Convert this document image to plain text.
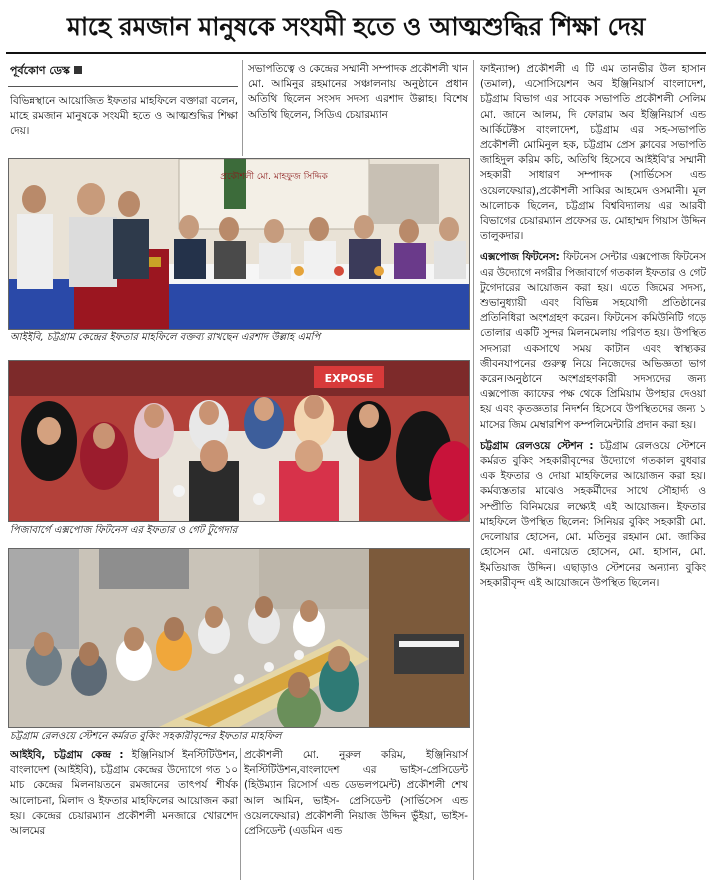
মাহে রমজান মানুষকে সংযমী হতে ও আত্মশুদ্ধির শিক্ষা দেয়
পূর্বকোণ ডেস্ক

বিভিন্নস্থানে আয়োজিত ইফতার মাহফিলে বক্তারা বলেন, মাহে রমজান মানুষকে সংযমী হতে ও আত্মশুদ্ধির শিক্ষা দেয়।

সভাপতিত্বে ও কেন্দ্রের সম্মানী সম্পাদক প্রকৌশলী খান মো. আমিনুর রহমানের সঞ্চালনায় অনুষ্ঠানে প্রধান অতিথি ছিলেন সংসদ সদস্য এরশাদ উল্লাহ। বিশেষ অতিথি ছিলেন, সিডিএ চেয়ারম্যান

প্রকৌশলী মো. মাহফুজ সিদ্দিক
আইইবি, চট্টগ্রাম কেন্দ্রের ইফতার মাহফিলে বক্তব্য রাখছেন এরশাদ উল্লাহ এমপি
EXPOSE
পিজাবার্গে এক্সপোজ ফিটনেস এর ইফতার ও গেট টুগেদার
চট্টগ্রাম রেলওয়ে স্টেশনে কর্মরত বুকিং সহকারীবৃন্দের ইফতার মাহফিল

আইইবি, চট্টগ্রাম কেন্দ্র : ইঞ্জিনিয়ার্স ইনস্টিটিউশন, বাংলাদেশ (আইইবি), চট্টগ্রাম কেন্দ্রের উদ্যোগে গত ১০ মাচ কেন্দ্রের মিলনায়তনে রমজানের তাৎপর্য শীর্ষক আলোচনা, মিলাদ ও ইফতার মাহফিলের আয়োজন করা হয়। কেন্দ্রের চেয়ারম্যান প্রকৌশলী মনজারে খোরশেদ আলমের

প্রকৌশলী মো. নুরুল করিম, ইঞ্জিনিয়ার্স ইনস্টিটিউশন,বাংলাদেশ এর ভাইস-প্রেসিডেন্ট (হিউম্যান রিসোর্স এন্ড ডেভলপমেন্ট) প্রকৌশলী শেখ আল আমিন, ভাইস- প্রেসিডেন্ট (সার্ভিসেস এন্ড ওয়েলফেয়ার) প্রকৌশলী নিয়াজ উদ্দিন ভুঁইয়া, ভাইস-প্রেসিডেন্ট (এডমিন এন্ড

ফাইন্যান্স) প্রকৌশলী এ টি এম তানভীর উল হাসান (তমাল), এসোসিয়েশন অব ইঞ্জিনিয়ার্স বাংলাদেশ, চট্টগ্রাম বিভাগ এর সাবেক সভাপতি প্রকৌশলী সেলিম মো. জানে আলম, দি ফোরাম অব ইঞ্জিনিয়ার্স এন্ড আর্কিটেক্টস বাংলাদেশ, চট্টগ্রাম এর সহ-সভাপতি প্রকৌশলী মোমিনুল হক, চট্টগ্রাম প্রেস ক্লাবের সভাপতি জাহিদুল করিম কচি, অতিথি হিসেবে আইইবি'র সম্মানী সহকারী সাধারণ সম্পাদক (সার্ভিসেস এন্ড ওয়েলফেয়ার),প্রকৌশলী সাব্বির আহমেদ ওসমানী। মূল আলোচক ছিলেন, চট্টগ্রাম বিশ্ববিদ্যালয় এর আরবী বিভাগের চেয়ারম্যান প্রফেসর ড. মোহাম্মদ গিয়াস উদ্দিন তালুকদার।

এক্সপোজ ফিটনেস: ফিটনেস সেন্টার এক্সপোজ ফিটনেস এর উদ্যোগে নগরীর পিজাবার্গে গতকাল ইফতার ও গেট টুগেদারের আয়োজন করা হয়। এতে জিমের সদস্য, শুভানুধ্যায়ী এবং বিভিন্ন সহযোগী প্রতিষ্ঠানের প্রতিনিধিরা অংশগ্রহণ করেন। ফিটনেস কমিউনিটি গড়ে তোলার একটি সুন্দর মিলনমেলায় পরিণত হয়। উপস্থিত সদস্যরা একসাথে সময় কাটান এবং স্বাস্থ্যকর জীবনযাপনের গুরুত্ব নিয়ে নিজেদের অভিজ্ঞতা ভাগ করেন।অনুষ্ঠানে অংশগ্রহণকারী সদস্যদের জন্য এক্সপোজ ক্যাফের পক্ষ থেকে প্রিমিয়াম উপহার দেওয়া হয় এবং কৃতজ্ঞতার নিদর্শন হিসেবে উপস্থিতদের জন্য ১ মাসের জিম মেম্বারশিপ কম্পলিমেন্টারি প্রদান করা হয়।

চট্টগ্রাম রেলওয়ে স্টেশন : চট্টগ্রাম রেলওয়ে স্টেশনে কর্মরত বুকিং সহকারীবৃন্দের উদ্যোগে গতকাল বুধবার এক ইফতার ও দোয়া মাহফিলের আয়োজন করা হয়। কর্মব্যস্ততার মাঝেও সহকর্মীদের সাথে সৌহার্দ্য ও সম্প্রীতি বিনিময়ের লক্ষ্যেই এই আয়োজন। ইফতার মাহফিলে উপস্থিত ছিলেন: সিনিয়র বুকিং সহকারী মো. দেলোয়ার হোসেন, মো. মতিনুর রহমান মো. জাকির হোসেন মো. এনায়েত হোসেন, মো. হাসান, মো. ইমতিয়াজ উদ্দিন। এছাড়াও স্টেশনের অন্যান্য বুকিং সহকারীবৃন্দ এই আয়োজনে উপস্থিত ছিলেন।
